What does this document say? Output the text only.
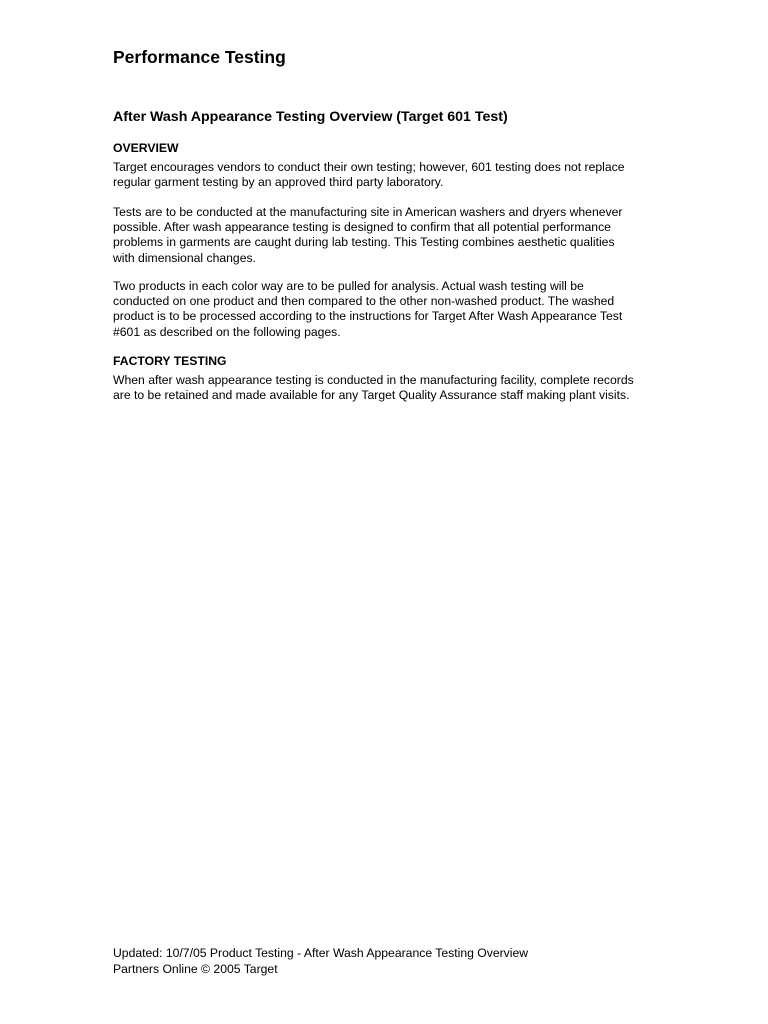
Performance Testing
After Wash Appearance Testing Overview (Target 601 Test)
OVERVIEW

Target encourages vendors to conduct their own testing; however, 601 testing does not replace
regular garment testing by an approved third party laboratory.

Tests are to be conducted at the manufacturing site in American washers and dryers whenever
possible. After wash appearance testing is designed to confirm that all potential performance
problems in garments are caught during lab testing. This Testing combines aesthetic qualities
with dimensional changes.

Two products in each color way are to be pulled for analysis. Actual wash testing will be
conducted on one product and then compared to the other non-washed product. The washed
product is to be processed according to the instructions for Target After Wash Appearance Test
#601 as described on the following pages.

FACTORY TESTING

When after wash appearance testing is conducted in the manufacturing facility, complete records
are to be retained and made available for any Target Quality Assurance staff making plant visits.

Updated: 10/7/05 Product Testing - After Wash Appearance Testing Overview
Partners Online © 2005 Target
